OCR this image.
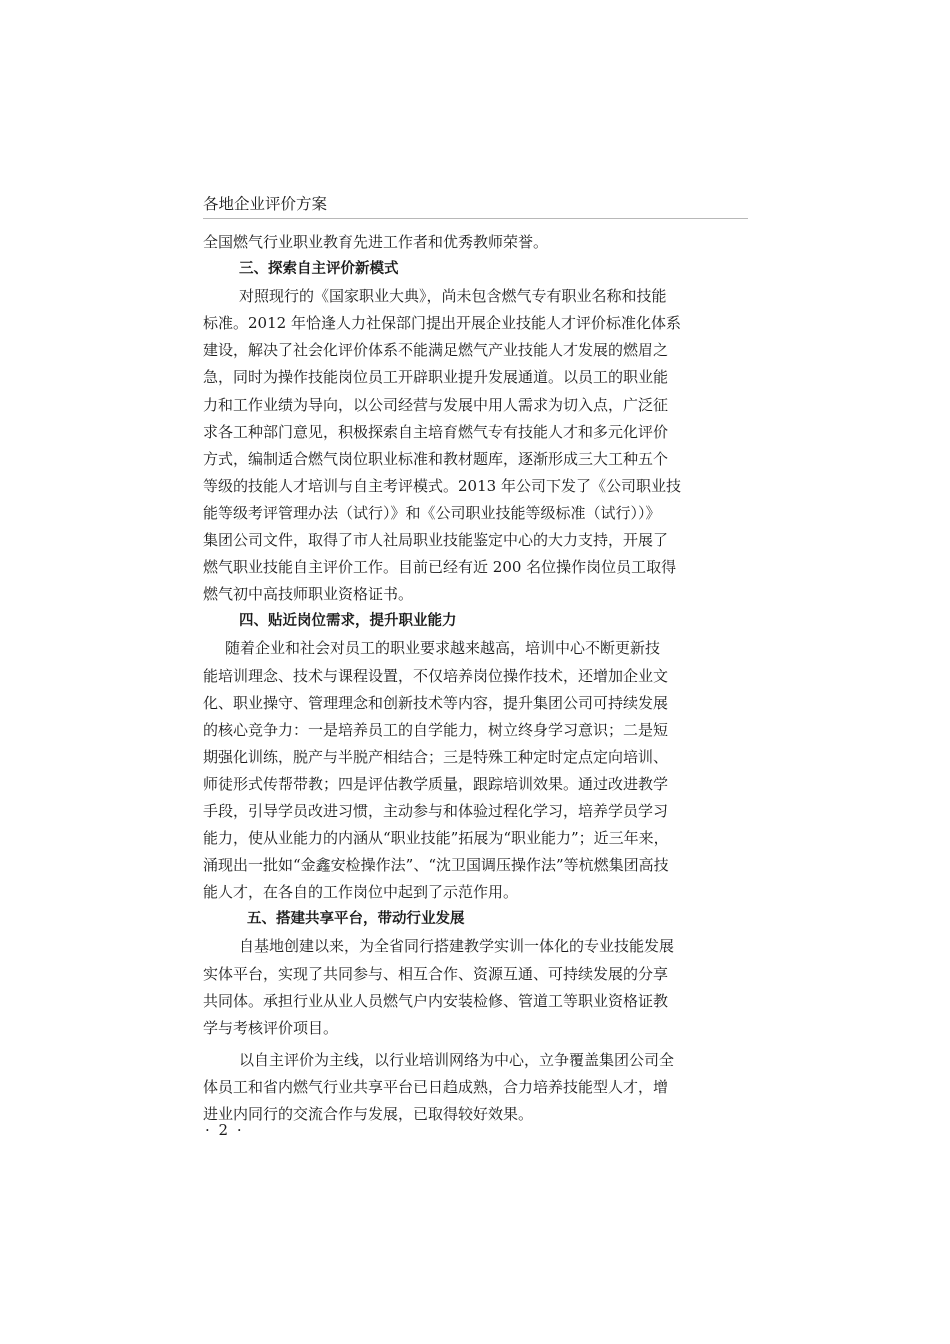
各地企业评价方案
全国燃气行业职业教育先进工作者和优秀教师荣誉。
三、探索自主评价新模式
对照现行的《国家职业大典》，尚未包含燃气专有职业名称和技能
标准。2012 年恰逢人力社保部门提出开展企业技能人才评价标准化体系
建设，解决了社会化评价体系不能满足燃气产业技能人才发展的燃眉之
急，同时为操作技能岗位员工开辟职业提升发展通道。以员工的职业能
力和工作业绩为导向，以公司经营与发展中用人需求为切入点，广泛征
求各工种部门意见，积极探索自主培育燃气专有技能人才和多元化评价
方式，编制适合燃气岗位职业标准和教材题库，逐渐形成三大工种五个
等级的技能人才培训与自主考评模式。2013 年公司下发了《公司职业技
能等级考评管理办法（试行）》和《公司职业技能等级标准（试行））》
集团公司文件，取得了市人社局职业技能鉴定中心的大力支持，开展了
燃气职业技能自主评价工作。目前已经有近 200 名位操作岗位员工取得
燃气初中高技师职业资格证书。
四、贴近岗位需求，提升职业能力
随着企业和社会对员工的职业要求越来越高，培训中心不断更新技
能培训理念、技术与课程设置，不仅培养岗位操作技术，还增加企业文
化、职业操守、管理理念和创新技术等内容，提升集团公司可持续发展
的核心竞争力：一是培养员工的自学能力，树立终身学习意识；二是短
期强化训练，脱产与半脱产相结合；三是特殊工种定时定点定向培训、
师徒形式传帮带教；四是评估教学质量，跟踪培训效果。通过改进教学
手段，引导学员改进习惯，主动参与和体验过程化学习，培养学员学习
能力，使从业能力的内涵从“职业技能”拓展为“职业能力”；近三年来，
涌现出一批如“金鑫安检操作法”、“沈卫国调压操作法”等杭燃集团高技
能人才，在各自的工作岗位中起到了示范作用。
五、搭建共享平台，带动行业发展
自基地创建以来，为全省同行搭建教学实训一体化的专业技能发展
实体平台，实现了共同参与、相互合作、资源互通、可持续发展的分享
共同体。承担行业从业人员燃气户内安装检修、管道工等职业资格证教
学与考核评价项目。
以自主评价为主线，以行业培训网络为中心，立争覆盖集团公司全
体员工和省内燃气行业共享平台已日趋成熟，合力培养技能型人才，增
进业内同行的交流合作与发展，已取得较好效果。
· 2 ·
